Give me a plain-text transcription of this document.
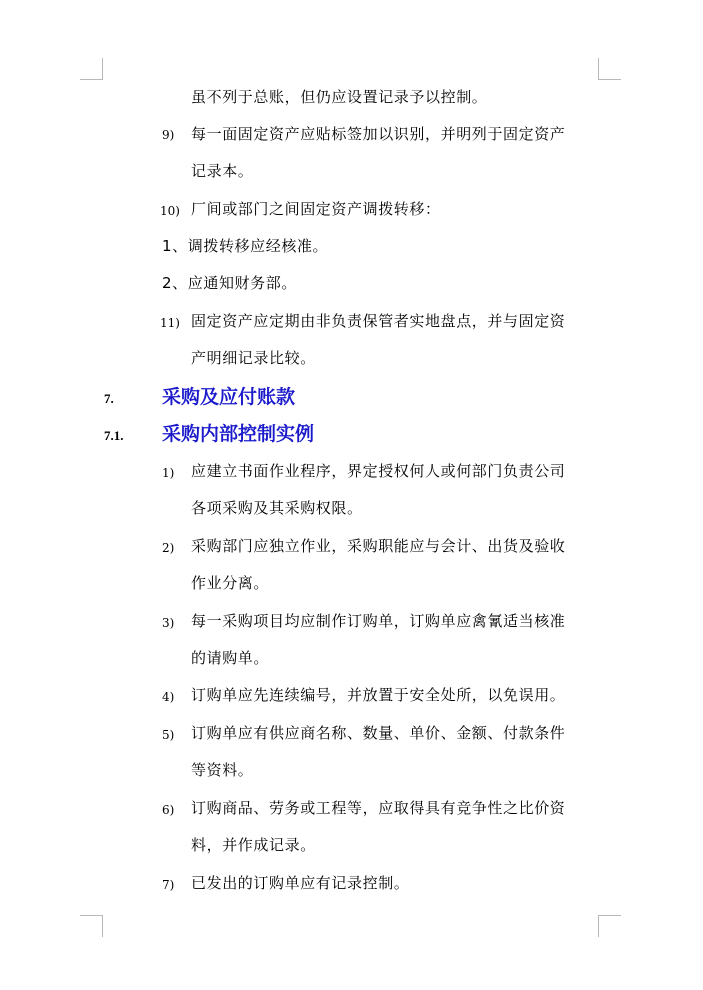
虽不列于总账，但仍应设置记录予以控制。
9) 每一面固定资产应贴标签加以识别，并明列于固定资产
记录本。
10) 厂间或部门之间固定资产调拨转移：
1、调拨转移应经核准。
2、应通知财务部。
11) 固定资产应定期由非负责保管者实地盘点，并与固定资
产明细记录比较。
7.	采购及应付账款
7.1. 采购内部控制实例
1) 应建立书面作业程序，界定授权何人或何部门负责公司
各项采购及其采购权限。
2) 采购部门应独立作业，采购职能应与会计、出货及验收
作业分离。
3) 每一采购项目均应制作订购单，订购单应禽氰适当核准
的请购单。
4) 订购单应先连续编号，并放置于安全处所，以免误用。
5) 订购单应有供应商名称、数量、单价、金额、付款条件
等资料。
6) 订购商品、劳务或工程等，应取得具有竞争性之比价资
料，并作成记录。
7) 已发出的订购单应有记录控制。
